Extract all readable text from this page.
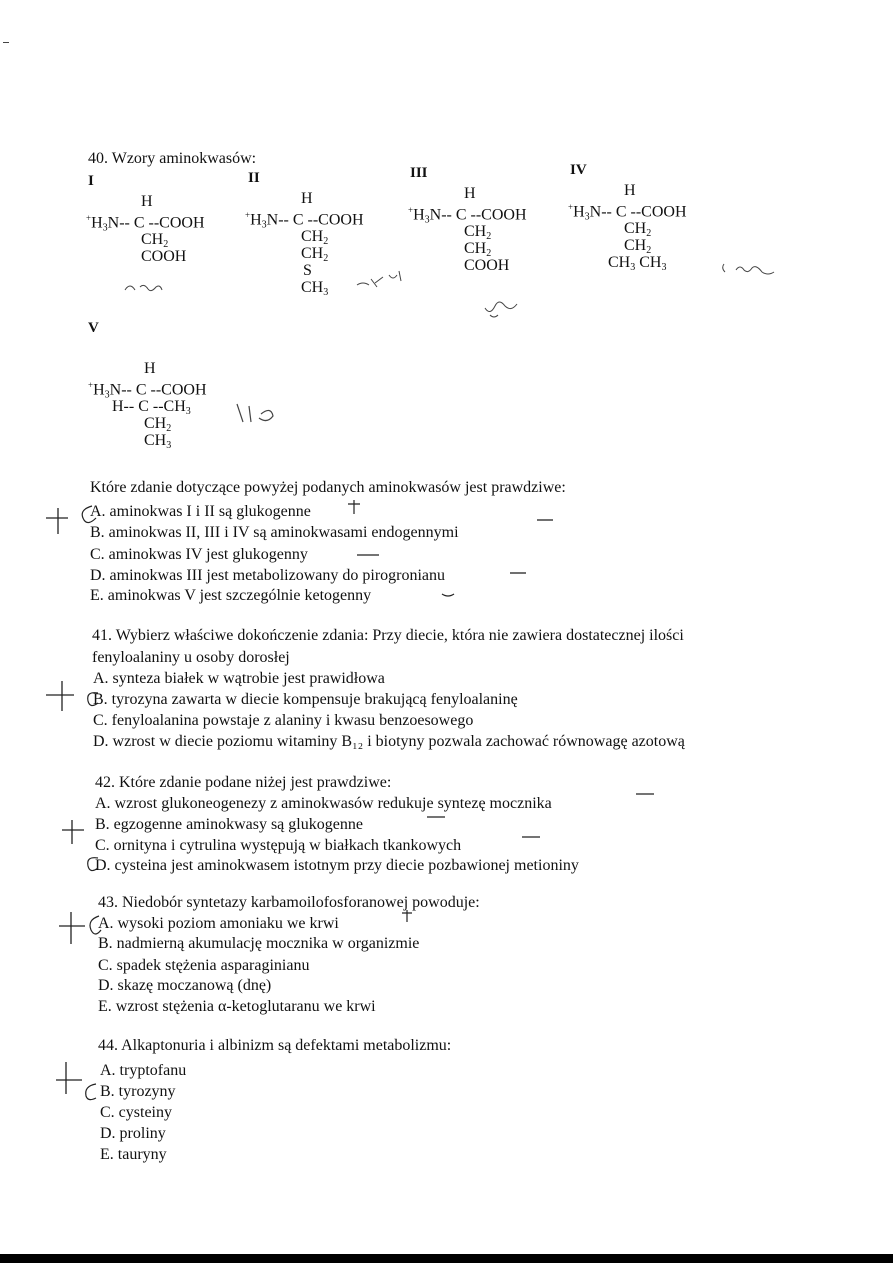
40. Wzory aminokwasów:
I	II	III	IV
V
H
$^+H_3N--$ C --COOH
$CH_2$
COOH
H
$^+H_3N--$ C --COOH
$CH_2$
$CH_2$
S
$CH_3$
H
$^+H_3N--$ C --COOH
$CH_2$
$CH_2$
COOH
H
$^+H_3N--$ C --COOH
$CH_2$
$CH_2$
$CH_3$ $CH_3$
H
$^+H_3N--$ C --COOH
H-- C $--CH_3$
$CH_2$
$CH_3$
Które zdanie dotyczące powyżej podanych aminokwasów jest prawdziwe:
A. aminokwas I i II są glukogenne
B. aminokwas II, III i IV są aminokwasami endogennymi
C. aminokwas IV jest glukogenny
D. aminokwas III jest metabolizowany do pirogronianu
E. aminokwas V jest szczególnie ketogenny
41. Wybierz właściwe dokończenie zdania: Przy diecie, która nie zawiera dostatecznej ilości
fenyloalaniny u osoby dorosłej
A. synteza białek w wątrobie jest prawidłowa
B. tyrozyna zawarta w diecie kompensuje brakującą fenyloalaninę
C. fenyloalanina powstaje z alaniny i kwasu benzoesowego
D. wzrost w diecie poziomu witaminy B₁₂ i biotyny pozwala zachować równowagę azotową
42. Które zdanie podane niżej jest prawdziwe:
A. wzrost glukoneogenezy z aminokwasów redukuje syntezę mocznika
B. egzogenne aminokwasy są glukogenne
C. ornityna i cytrulina występują w białkach tkankowych
D. cysteina jest aminokwasem istotnym przy diecie pozbawionej metioniny
43. Niedobór syntetazy karbamoilofosforanowej powoduje:
A. wysoki poziom amoniaku we krwi
B. nadmierną akumulację mocznika w organizmie
C. spadek stężenia asparaginianu
D. skazę moczanową (dnę)
E. wzrost stężenia α-ketoglutaranu we krwi
44. Alkaptonuria i albinizm są defektami metabolizmu:
A. tryptofanu
B. tyrozyny
C. cysteiny
D. proliny
E. tauryny
